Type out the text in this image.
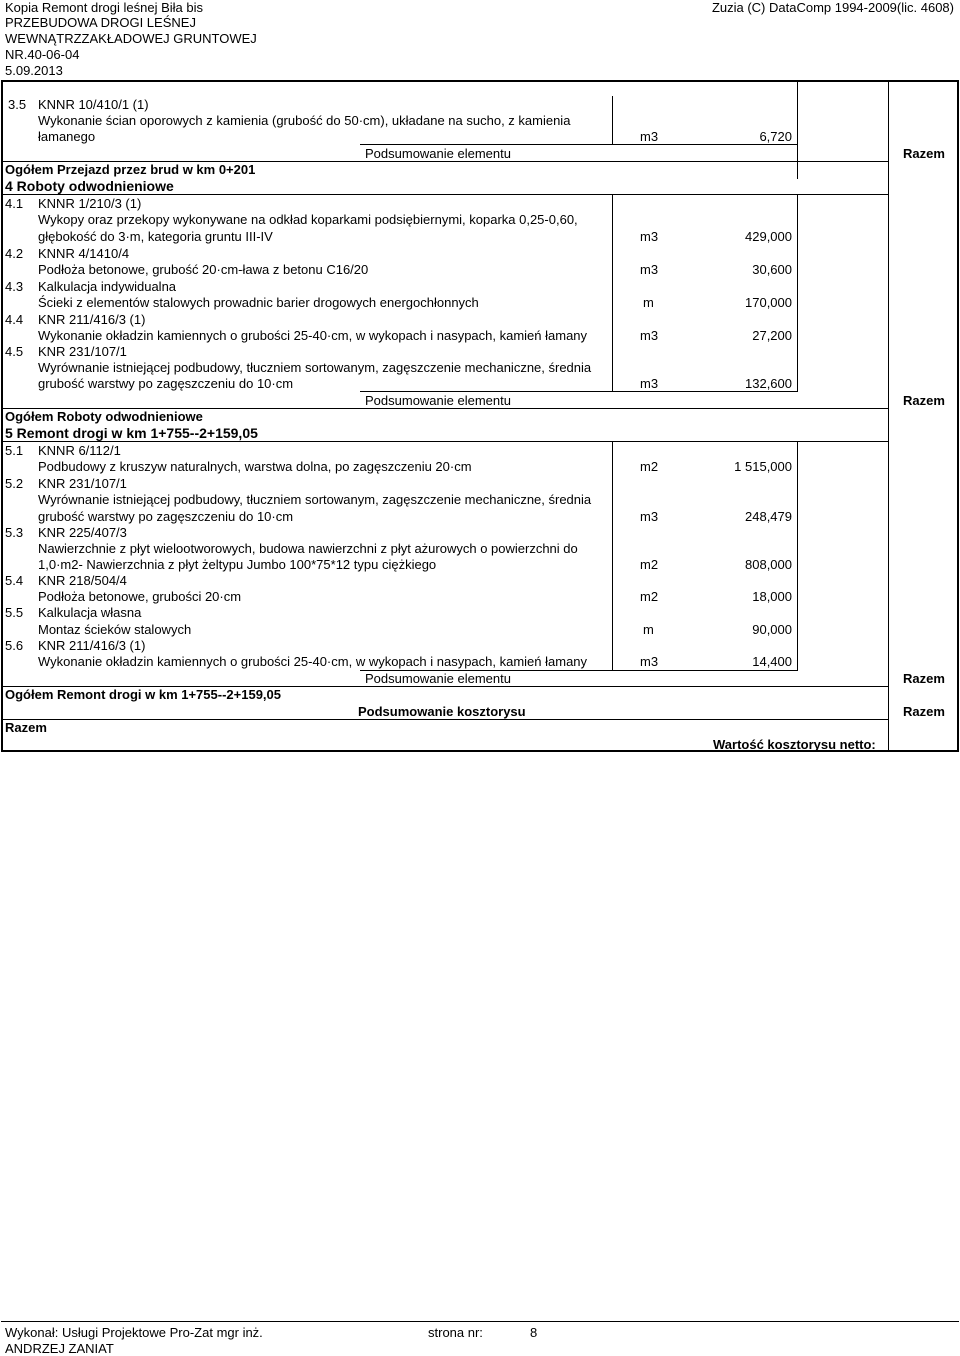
Kopia Remont drogi leśnej Biła bis
PRZEBUDOWA DROGI LEŚNEJ
WEWNĄTRZZAKŁADOWEJ GRUNTOWEJ
NR.40-06-04
5.09.2013
Zuzia (C) DataComp 1994-2009(lic. 4608)
3.5 KNNR 10/410/1 (1)
Wykonanie ścian oporowych z kamienia (grubość do 50·cm), układane na sucho, z kamienia
łamanego	m3	6,720
Podsumowanie elementu	Razem
Ogółem Przejazd przez brud w km 0+201
4 Roboty odwodnieniowe
4.1 KNNR 1/210/3 (1)
Wykopy oraz przekopy wykonywane na odkład koparkami podsiębiernymi, koparka 0,25-0,60,
głębokość do 3·m, kategoria gruntu III-IV	m3	429,000
4.2 KNNR 4/1410/4
Podłoża betonowe, grubość 20·cm-ława z betonu C16/20	m3	30,600
4.3 Kalkulacja indywidualna
Ścieki z elementów stalowych prowadnic barier drogowych energochłonnych	m	170,000
4.4 KNR 211/416/3 (1)
Wykonanie okładzin kamiennych o grubości 25-40·cm, w wykopach i nasypach, kamień łamany	m3	27,200
4.5 KNR 231/107/1
Wyrównanie istniejącej podbudowy, tłuczniem sortowanym, zagęszczenie mechaniczne, średnia
grubość warstwy po zagęszczeniu do 10·cm	m3	132,600
Podsumowanie elementu	Razem
Ogółem Roboty odwodnieniowe
5 Remont drogi w km 1+755--2+159,05
5.1 KNNR 6/112/1
Podbudowy z kruszyw naturalnych, warstwa dolna, po zagęszczeniu 20·cm	m2	1 515,000
5.2 KNR 231/107/1
Wyrównanie istniejącej podbudowy, tłuczniem sortowanym, zagęszczenie mechaniczne, średnia
grubość warstwy po zagęszczeniu do 10·cm	m3	248,479
5.3 KNR 225/407/3
Nawierzchnie z płyt wielootworowych, budowa nawierzchni z płyt ażurowych o powierzchni do
1,0·m2- Nawierzchnia z płyt żeltypu Jumbo 100*75*12 typu ciężkiego	m2	808,000
5.4 KNR 218/504/4
Podłoża betonowe, grubości 20·cm	m2	18,000
5.5 Kalkulacja własna
Montaz ścieków stalowych	m	90,000
5.6 KNR 211/416/3 (1)
Wykonanie okładzin kamiennych o grubości 25-40·cm, w wykopach i nasypach, kamień łamany	m3	14,400
Podsumowanie elementu	Razem
Ogółem Remont drogi w km 1+755--2+159,05
Podsumowanie kosztorysu	Razem
Razem
Wartość kosztorysu netto:
Wykonał: Usługi Projektowe Pro-Zat mgr inż.
ANDRZEJ ZANIAT
strona nr:	8
